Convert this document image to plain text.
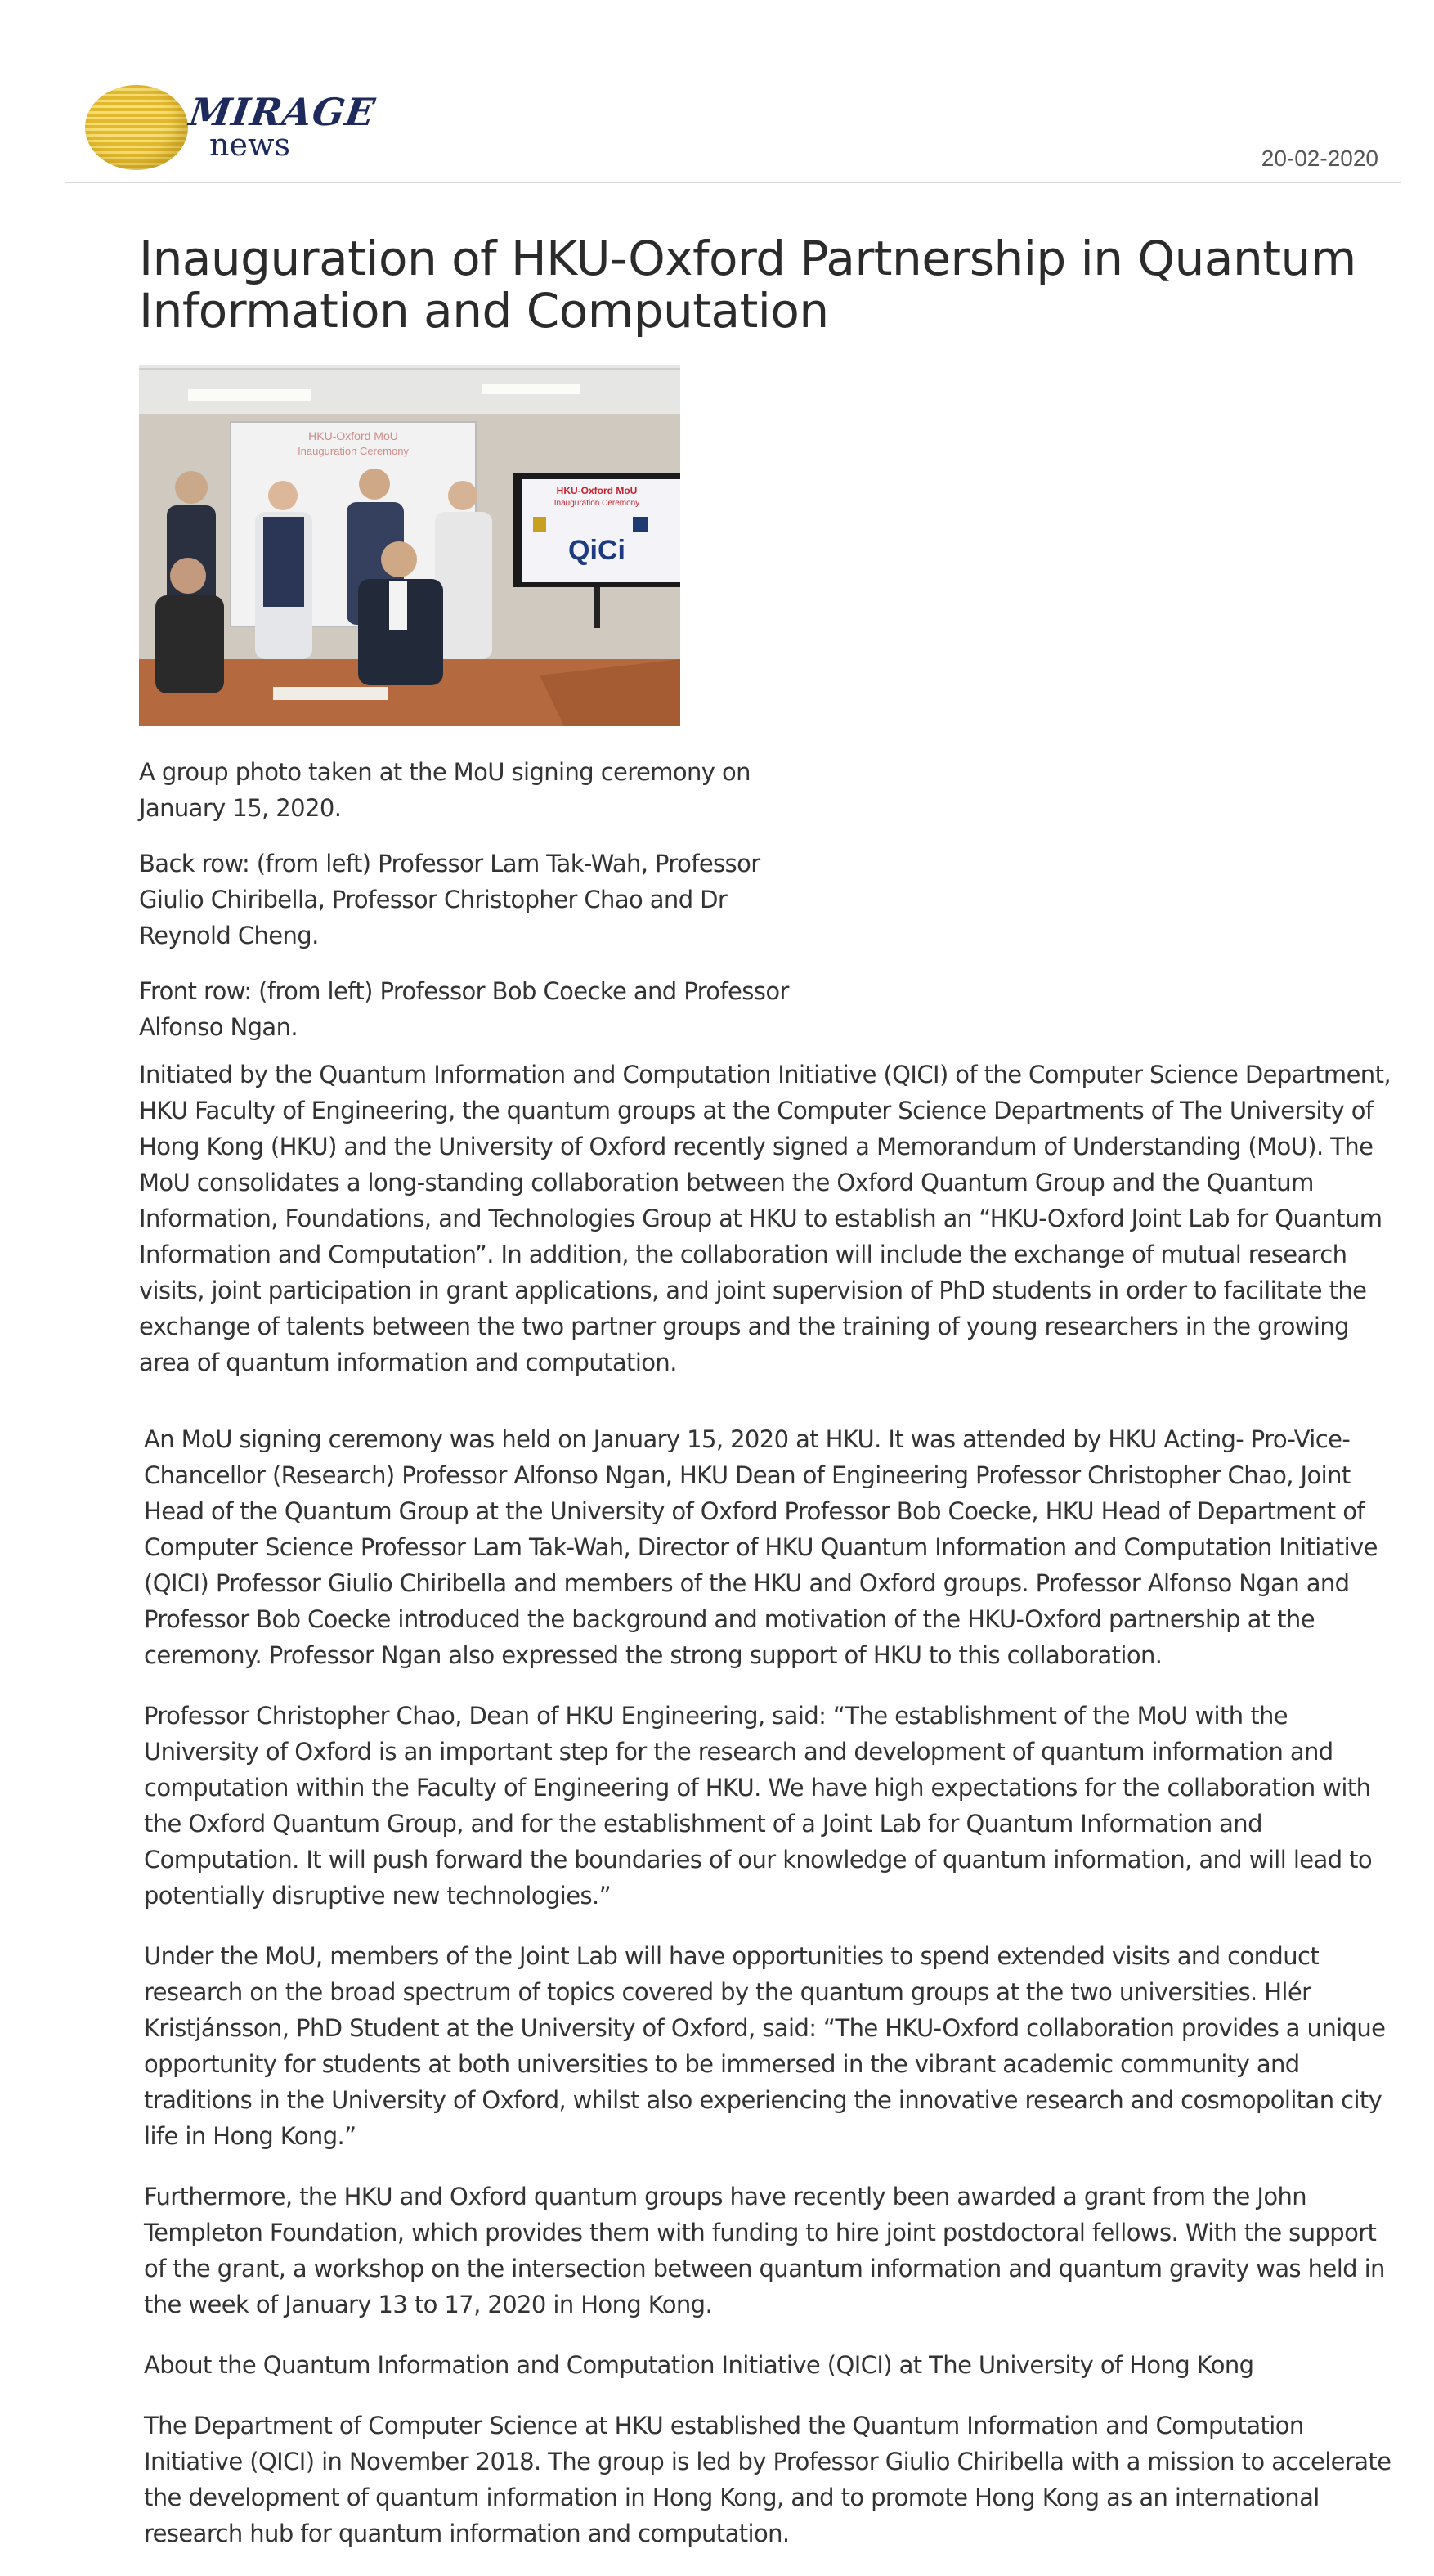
MIRAGE
news	20-02-2020
Inauguration of HKU-Oxford Partnership in Quantum Information and Computation
HKU-Oxford MoU
Inauguration Ceremony
HKU-Oxford MoU
Inauguration Ceremony
QiCi

A group photo taken at the MoU signing ceremony on January 15, 2020.

Back row: (from left) Professor Lam Tak-Wah, Professor Giulio Chiribella, Professor Christopher Chao and Dr Reynold Cheng.

Front row: (from left) Professor Bob Coecke and Professor Alfonso Ngan.

Initiated by the Quantum Information and Computation Initiative (QICI) of the Computer Science Department, HKU Faculty of Engineering, the quantum groups at the Computer Science Departments of The University of Hong Kong (HKU) and the University of Oxford recently signed a Memorandum of Understanding (MoU). The MoU consolidates a long-standing collaboration between the Oxford Quantum Group and the Quantum Information, Foundations, and Technologies Group at HKU to establish an “HKU-Oxford Joint Lab for Quantum Information and Computation”. In addition, the collaboration will include the exchange of mutual research visits, joint participation in grant applications, and joint supervision of PhD students in order to facilitate the exchange of talents between the two partner groups and the training of young researchers in the growing area of quantum information and computation.

An MoU signing ceremony was held on January 15, 2020 at HKU. It was attended by HKU Acting- Pro-Vice-Chancellor (Research) Professor Alfonso Ngan, HKU Dean of Engineering Professor Christopher Chao, Joint Head of the Quantum Group at the University of Oxford Professor Bob Coecke, HKU Head of Department of Computer Science Professor Lam Tak-Wah, Director of HKU Quantum Information and Computation Initiative (QICI) Professor Giulio Chiribella and members of the HKU and Oxford groups. Professor Alfonso Ngan and Professor Bob Coecke introduced the background and motivation of the HKU-Oxford partnership at the ceremony. Professor Ngan also expressed the strong support of HKU to this collaboration.

Professor Christopher Chao, Dean of HKU Engineering, said: “The establishment of the MoU with the University of Oxford is an important step for the research and development of quantum information and computation within the Faculty of Engineering of HKU. We have high expectations for the collaboration with the Oxford Quantum Group, and for the establishment of a Joint Lab for Quantum Information and Computation. It will push forward the boundaries of our knowledge of quantum information, and will lead to potentially disruptive new technologies.”

Under the MoU, members of the Joint Lab will have opportunities to spend extended visits and conduct research on the broad spectrum of topics covered by the quantum groups at the two universities. Hlér Kristjánsson, PhD Student at the University of Oxford, said: “The HKU-Oxford collaboration provides a unique opportunity for students at both universities to be immersed in the vibrant academic community and traditions in the University of Oxford, whilst also experiencing the innovative research and cosmopolitan city life in Hong Kong.”

Furthermore, the HKU and Oxford quantum groups have recently been awarded a grant from the John Templeton Foundation, which provides them with funding to hire joint postdoctoral fellows. With the support of the grant, a workshop on the intersection between quantum information and quantum gravity was held in the week of January 13 to 17, 2020 in Hong Kong.

About the Quantum Information and Computation Initiative (QICI) at The University of Hong Kong

The Department of Computer Science at HKU established the Quantum Information and Computation Initiative (QICI) in November 2018. The group is led by Professor Giulio Chiribella with a mission to accelerate the development of quantum information in Hong Kong, and to promote Hong Kong as an international research hub for quantum information and computation.
